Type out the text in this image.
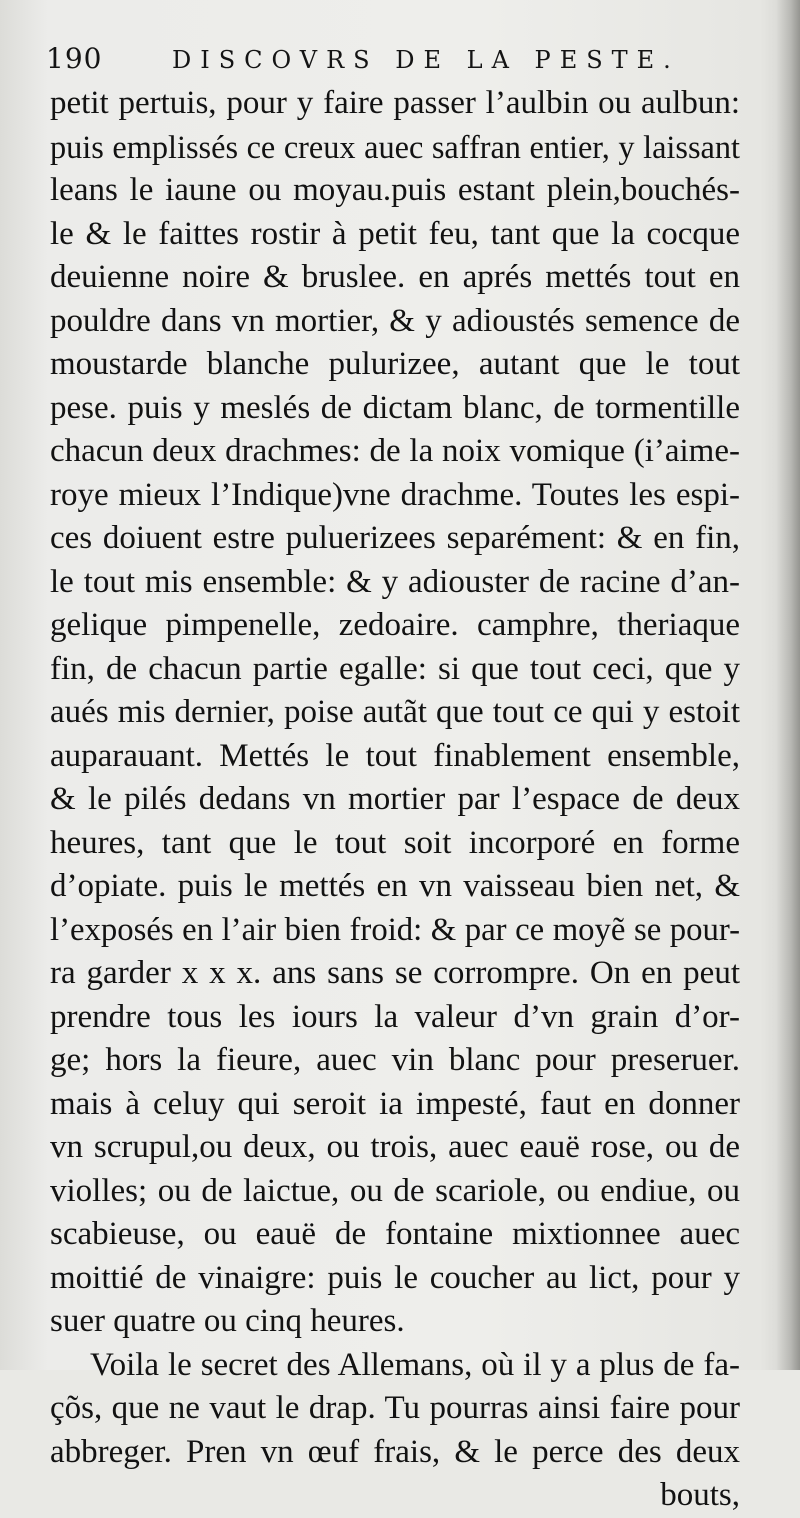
190	DISCOVRS DE LA PESTE.
petit pertuis, pour y faire passer l’aulbin ou aulbun:
puis emplissés ce creux auec saffran entier, y laissant
leans le iaune ou moyau.puis estant plein,bouchés-
le & le faittes rostir à petit feu, tant que la cocque
deuienne noire & bruslee. en aprés mettés tout en
pouldre dans vn mortier, & y adioustés semence de
moustarde blanche pulurizee, autant que le tout
pese. puis y meslés de dictam blanc, de tormentille
chacun deux drachmes: de la noix vomique (i’aime-
roye mieux l’Indique)vne drachme. Toutes les espi-
ces doiuent estre puluerizees separément: & en fin,
le tout mis ensemble: & y adiouster de racine d’an-
gelique pimpenelle, zedoaire. camphre, theriaque
fin, de chacun partie egalle: si que tout ceci, que y
aués mis dernier, poise autãt que tout ce qui y estoit
auparauant. Mettés le tout finablement ensemble,
& le pilés dedans vn mortier par l’espace de deux
heures, tant que le tout soit incorporé en forme
d’opiate. puis le mettés en vn vaisseau bien net, &
l’exposés en l’air bien froid: & par ce moyẽ se pour-
ra garder x x x. ans sans se corrompre. On en peut
prendre tous les iours la valeur d’vn grain d’or-
ge; hors la fieure, auec vin blanc pour preseruer.
mais à celuy qui seroit ia impesté, faut en donner
vn scrupul,ou deux, ou trois, auec eauë rose, ou de
violles; ou de laictue, ou de scariole, ou endiue, ou
scabieuse, ou eauë de fontaine mixtionnee auec
moittié de vinaigre: puis le coucher au lict, pour y
suer quatre ou cinq heures.
Voila le secret des Allemans, où il y a plus de fa-
çõs, que ne vaut le drap. Tu pourras ainsi faire pour
abbreger. Pren vn œuf frais, & le perce des deux
bouts,
